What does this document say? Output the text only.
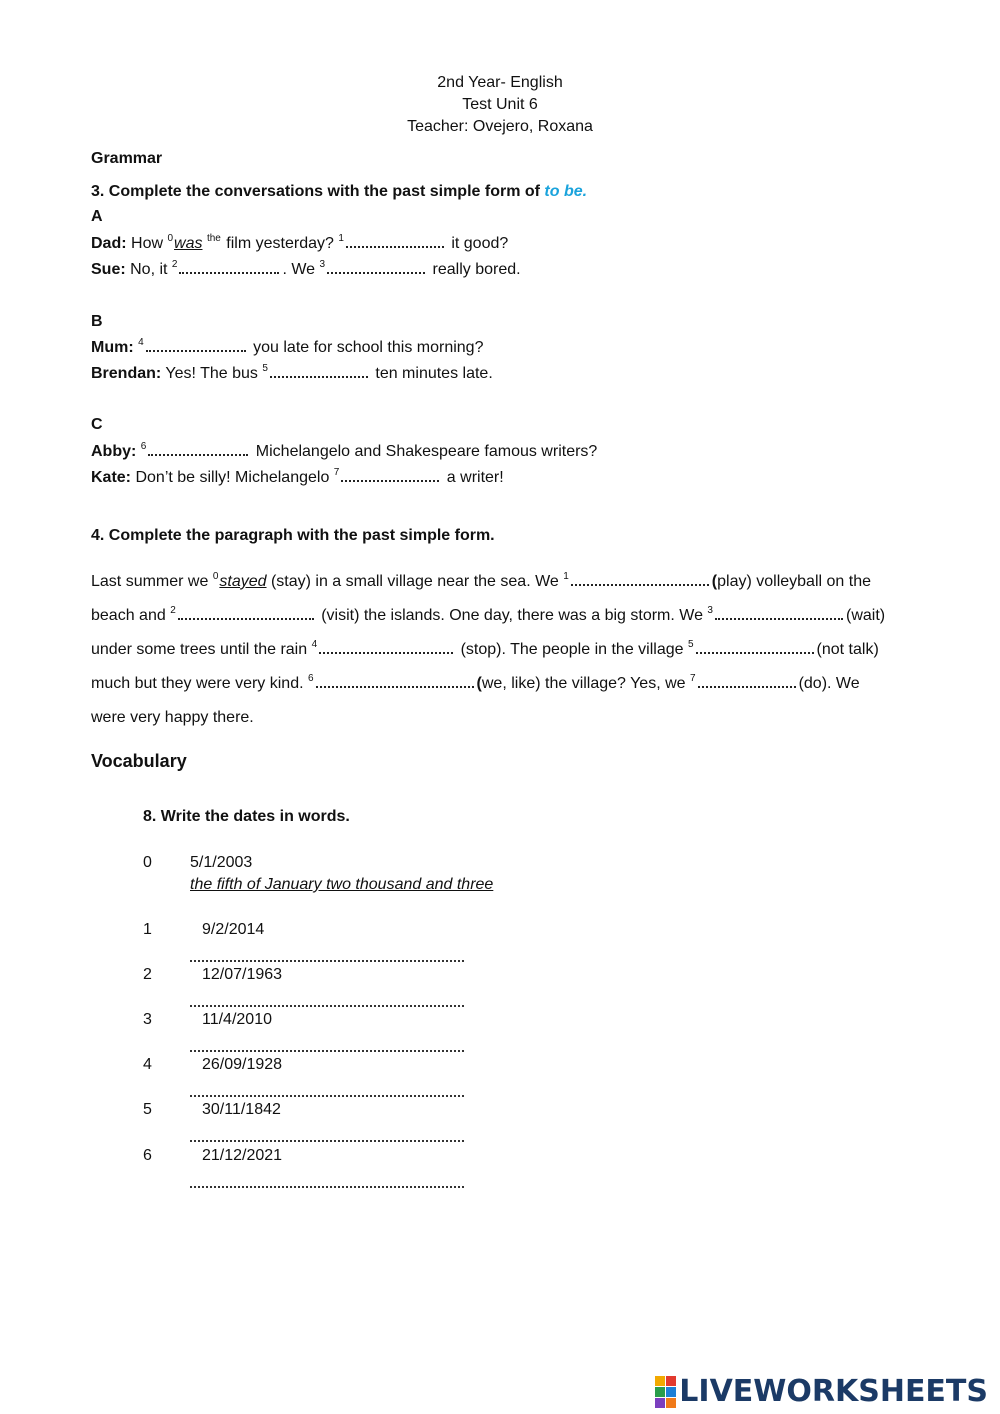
2nd Year- English
Test Unit 6
Teacher: Ovejero, Roxana
Grammar
3. Complete the conversations with the past simple form of to be.
A
Dad: How $^0$was $^{the}$ film yesterday? $^1$	it good?
Sue: No, it $^2$	. We $^3$	really bored.
B
Mum: $^4$	you late for school this morning?
Brendan: Yes! The bus $^5$	ten minutes late.
C
Abby: $^6$	Michelangelo and Shakespeare famous writers?
Kate: Don’t be silly! Michelangelo $^7$	a writer!
4. Complete the paragraph with the past simple form.
Last summer we $^0$stayed (stay) in a small village near the sea. We $^1$	(play) volleyball on the
beach and $^2$	(visit) the islands. One day, there was a big storm. We $^3$	(wait)
under some trees until the rain $^4$	(stop). The people in the village $^5$	(not talk)
much but they were very kind. $^6$	(we, like) the village? Yes, we $^7$	(do). We
were very happy there.
Vocabulary
8. Write the dates in words.
0 5/1/2003
the fifth of January two thousand and three
1	9/2/2014
2	12/07/1963
3	11/4/2010
4	26/09/1928
5	30/11/1842
6	21/12/2021
LIVEWORKSHEETS
